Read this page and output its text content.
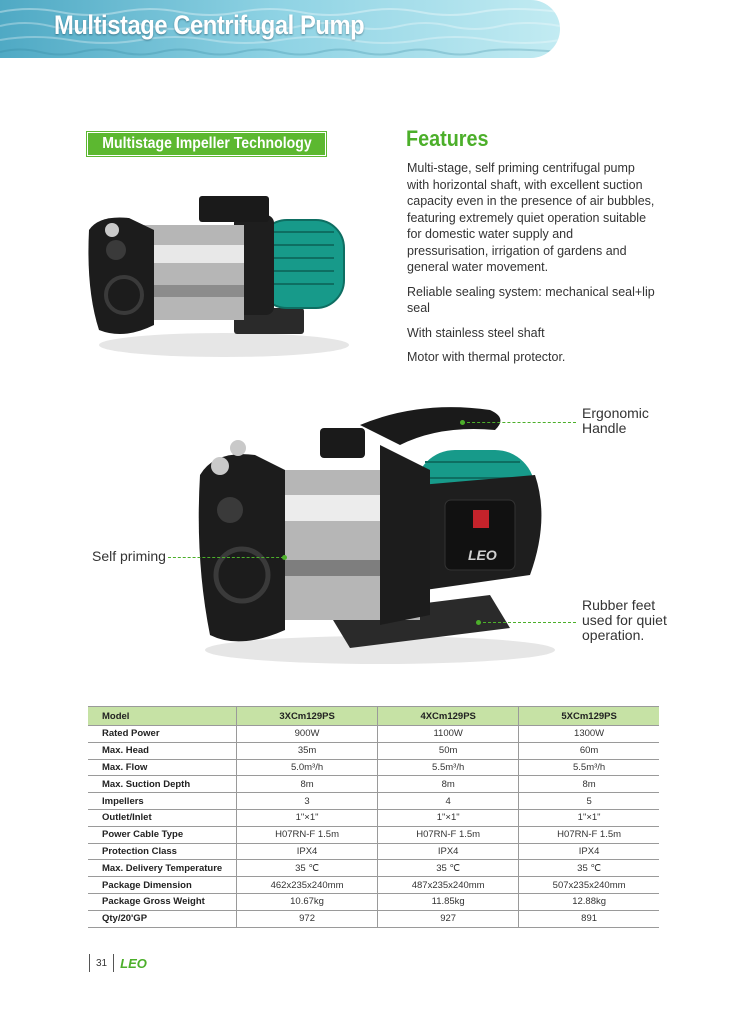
Multistage Centrifugal Pump
Multistage Impeller Technology	Features

Multi-stage, self priming centrifugal pump with horizontal shaft, with excellent suction capacity even in the presence of air bubbles, featuring extremely quiet operation suitable for domestic water supply and pressurisation, irrigation of gardens and general water movement.

Reliable sealing system: mechanical seal+lip seal

With stainless steel shaft

Motor with thermal protector.

LEO
Ergonomic
Handle
Self priming
Rubber feet
used for quiet
operation.
Model	3XCm129PS	4XCm129PS	5XCm129PS
Rated Power	900W	1100W	1300W
Max. Head	35m	50m	60m
Max. Flow	5.0m³/h	5.5m³/h	5.5m³/h
Max. Suction Depth	8m	8m	8m
Impellers	3	4	5
Outlet/Inlet	1"×1"	1"×1"	1"×1"
Power Cable Type	H07RN-F 1.5m	H07RN-F 1.5m	H07RN-F 1.5m
Protection Class	IPX4	IPX4	IPX4
Max. Delivery Temperature	35 ℃	35 ℃	35 ℃
Package Dimension	462x235x240mm	487x235x240mm	507x235x240mm
Package Gross Weight	10.67kg	11.85kg	12.88kg
Qty/20'GP	972	927	891
31 LEO
